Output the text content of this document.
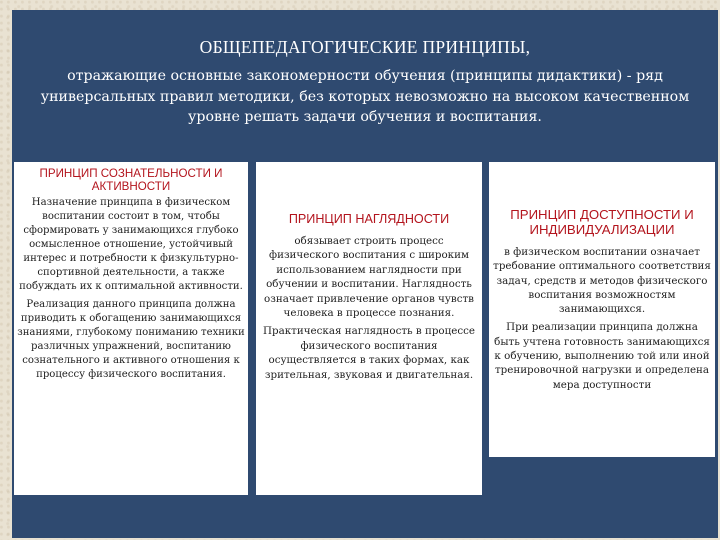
ОБЩЕПЕДАГОГИЧЕСКИЕ ПРИНЦИПЫ,
отражающие основные закономерности обучения (принципы дидактики) - ряд универсальных правил методики, без которых невозможно на высоком качественном уровне решать задачи обучения и воспитания.
ПРИНЦИП СОЗНАТЕЛЬНОСТИ И АКТИВНОСТИ

Назначение принципа в физическом воспитании состоит в том, чтобы сформировать у занимающихся глубоко осмысленное отношение, устойчивый интерес и потребности к физкультурно-спортивной деятельности, а также побуждать их к оптимальной активности.

Реализация данного принципа должна приводить к обогащению занимающихся знаниями, глубокому пониманию техники различных упражнений, воспитанию сознательного и активного отношения к процессу физического воспитания.

ПРИНЦИП НАГЛЯДНОСТИ

обязывает строить процесс физического воспитания с широким использованием наглядности при обучении и воспитании. Наглядность означает привлечение органов чувств человека в процессе познания.

Практическая наглядность в процессе физического воспитания осуществляется в таких формах, как зрительная, звуковая и двигательная.

ПРИНЦИП ДОСТУПНОСТИ И ИНДИВИДУАЛИЗАЦИИ

в физическом воспитании означает требование оптимального соответствия задач, средств и методов физического воспитания возможностям занимающихся.

При реализации принципа должна быть учтена готовность занимающихся к обучению, выполнению той или иной тренировочной нагрузки и определена мера доступности
